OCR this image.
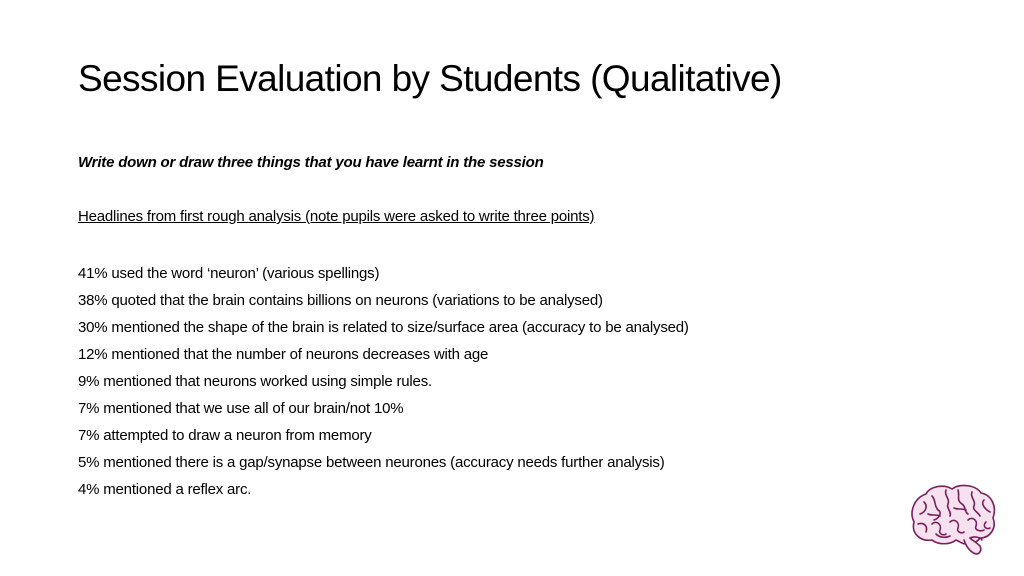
Session Evaluation by Students (Qualitative)

Write down or draw three things that you have learnt in the session

Headlines from first rough analysis (note pupils were asked to write three points)

41% used the word ‘neuron’ (various spellings)
38% quoted that the brain contains billions on neurons (variations to be analysed)
30% mentioned the shape of the brain is related to size/surface area (accuracy to be analysed)
12% mentioned that the number of neurons decreases with age
9% mentioned that neurons worked using simple rules.
7% mentioned that we use all of our brain/not 10%
7% attempted to draw a neuron from memory
5% mentioned there is a gap/synapse between neurones (accuracy needs further analysis)
4% mentioned a reflex arc.
